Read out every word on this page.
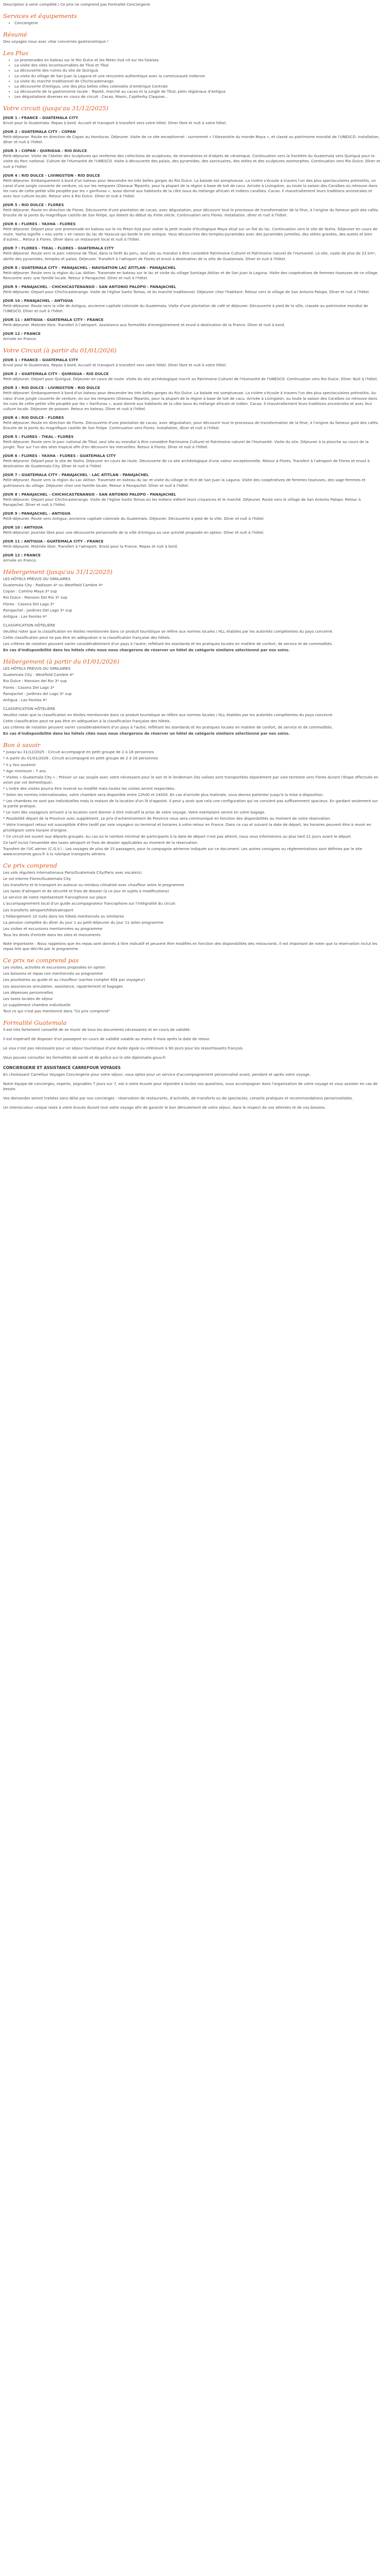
Description à venir complété / Ce prix ne comprend pas Formalité Conciergerie

Services et équipements
• Conciergerie
Résumé

Des voyages nous avec vitar concernés gastronomique !

Les Plus
• Le promenades en bateau sur le Rio Dulce et les Peten Itzá vit sur les falaises
• La visite des sites incontournables de Tikal et Tikal
• La découverte des ruines du site de Quiriguá
• La visite du village de San Juan la Laguna et une rencontre authentique avec la communauté indienne
• La visite du marché traditionnel de Chichicastenango
• La découverte d'Antigua, une des plus belles villes coloniales d'Amérique Centrale
• La découverte de la gastronomie locale : Tepoté, marché au cacao et la jungle de Tikal, plein régionaux d'Antigua
• Les dégustations diverses en cours de circuit : Cacao, Maxin, Cajolterky Claquise...
Votre circuit (jusqu'au 31/12/2025)

JOUR 1 : FRANCE - GUATEMALA CITY

Envol pour le Guatemala. Repas à bord. Accueil et transport à transfert vers votre hôtel. Diner libre et nuit à votre hôtel.

JOUR 2 : GUATEMALA CITY - COPAN

Petit-déjeuner. Route en direction de Copan au Honduras. Déjeuner. Visite de ce site exceptionnel : surnommé « l'Alexandrie du monde Maya », et classé au patrimoine mondial de l'UNESCO. Installation, dîner et nuit à l'hôtel.

JOUR 3 : COPAN - QUIRIGUA - RIO DULCE

Petit-déjeuner. Visite de l'Atelier des Sculptures qui renferme des collections de sculptures, de stromatoires et d'objets de céramique. Continuation vers la frontière du Guatemala vers Quiriguá pour la visite du Parc national. Culture de l'Humanité de l'UNESCO. Visite à découverte des palais, des pyramides, des sanctuaires, des stèles et des sculptures zoomorphes. Continuation vers Rio Dulce. Dîner et nuit à l'hôtel.

JOUR 4 : RIO DULCE - LIVINGSTON - RIO DULCE

Petit-déjeuner. Embarquement à bord d'un bateau pour descendre les très belles gorges du Rio Dulce. La balade est somptueuse. La rivière s'écoule à travers l'un des plus spectaculaires préinstitis, un canal d'une jungle couverte de verdure, où sur les rempares (Oiseaux Tépantis, pour la plupart de la région à base de toit de cacu. Arrivée à Livingston, au toute la saison des Caraïbes où retrouve dans les rues de cette petite ville peuplée par les « garifunas », aussi donné aux habitants de la côte issus du mélange africain et indiens caraïbes. Cacao. Il mauvtraitement leurs traditions ancestrales et avec leur culture locale. Retour vers à Rio Dulce. Dîner et nuit à l'hôtel.

JOUR 5 : RIO DULCE - FLORES

Petit-déjeuner. Route en direction de Flores. Découverte d'une plantation de cacao, avec dégustation, pour découvrir tout le processus de transformation de la fève, à l'origine du fameux goût des cafés. Ensuite de la ponts du magnifique castillo de San Felipe, qui datent du début du XVIIe siècle. Continuation vers Flores. Installation, dîner et nuit à l'hôtel.

JOUR 6 : FLORES - YAXHA - FLORES

Petit-déjeuner. Départ pour une promenade en bateau sur le rio Peten Itzá pour visiter la petit musée d'écologique Maya situé sur un îlot du lac. Continuation vers le site de Yaxha. Déjeuner en cours de route. Yaxha signifie « eau verte » en raison du lac de Yaxacuá qui borde le site antique. Vous découvrirez des temples-pyramides avec des pyramides jumelles, des stèles gravées, des autels et bien d'autres... Retour à Flores. Dîner dans un restaurant local et nuit à l'hôtel.

JOUR 7 : FLORES - TIKAL - FLORES - GUATEMALA CITY

Petit-déjeuner. Route vers le parc national de Tikal, dans la forêt du peru, seul site ou mondial à être considéré Patrimoine Culturel et Patrimoine naturel de l'Humanité. Le site, vaste de plus de 23 km², abrite des pyramides, temples et palais. Déjeuner. Transfert à l'aéroport de Flores et envol à destination de la ville de Guatemala. Dîner et nuit à l'hôtel.

JOUR 8 : GUATEMALA CITY - PANAJACHEL - NAVIGATION LAC ATITLAN - PANAJACHEL

Petit-déjeuner. Route vers la région du Lac Atitlan. Traversée en bateau sur le lac et visite du village Santiago Atitlan et de San Juan la Laguna. Visite des coopératives de femmes tisseuses de ce village. Rencontre avec une famille locale. Retour à Panajachel. Dîner et nuit à l'hôtel.

JOUR 9 : PANAJACHEL - CHICHICASTENANGO - SAN ANTONIO PALOPO - PANAJACHEL

Petit-déjeuner. Départ pour Chichicastenango. Visite de l'église Santo Tomas, et du marché traditionnel. Déjeuner chez l'habitant. Retour vers le village de San Antonio Palopo. Dîner et nuit à l'hôtel.

JOUR 10 : PANAJACHEL - ANTIGUA

Petit-déjeuner. Route vers la ville de Antigua, ancienne capitale coloniale du Guatemala. Visite d'une plantation de café et déjeuner. Découverte à pied de la ville, classée au patrimoine mondial de l'UNESCO. Dîner et nuit à l'hôtel.

JOUR 11 : ANTIGUA - GUATEMALA CITY - FRANCE

Petit-déjeuner. Matinée libre. Transfert à l'aéroport. Assistance aux formalités d'enregistrement et envol à destination de la France. Dîner et nuit à bord.

JOUR 12 : FRANCE

Arrivée en France.

Votre Circuit (à partir du 01/01/2026)

JOUR 1 : FRANCE - GUATEMALA CITY

Envol pour le Guatemala. Repas à bord. Accueil et transport à transfert vers votre hôtel. Dîner libre et nuit à votre hôtel.

JOUR 2 : GUATEMALA CITY - QUIRIGUA - RIO DULCE

Petit-déjeuner. Départ pour Quiriguá. Déjeuner en cours de route. Visite du site archéologique inscrit au Patrimoine Culturel de l'Humanité de l'UNESCO. Continuation vers Rio Dulce. Dîner. Nuit à l'hôtel.

JOUR 3 : RIO DULCE - LIVINGSTON - RIO DULCE

Petit-déjeuner. Embarquement à bord d'un bateau pour descendre les très belles gorges du Rio Dulce. La balade est somptueuse. La rivière s'écoule à travers l'un des plus spectaculaires préinstitis. Au cœur d'une jungle couverte de verdure, où sur les rempares (Oiseaux Tépantis, pour la plupart de la région à base de toit de cacu. Arrivée à Livingston, au toute la saison des Caraïbes où retrouve dans les rues de cette petite ville peuplée par les « Garifunas », aussi donné aux habitants de la côte issus du mélange africain et indien. Cacao. Il mauvtraitement leurs traditions ancestrales et avec leur culture locale. Déjeuner de poisson. Retour en bateau. Dîner et nuit à l'hôtel.

JOUR 4 : RIO DULCE - FLORES

Petit-déjeuner. Route en direction de Flores. Découverte d'une plantation de cacao, avec dégustation, pour découvrir tout le processus de transformation de la fève, à l'origine du fameux goût des cafés. Ensuite de la ponts du magnifique castillo de San Felipe. Continuation vers Flores. Installation, dîner et nuit à l'hôtel.

JOUR 5 : FLORES - TIKAL - FLORES

Petit-déjeuner. Route vers le parc national de Tikal, seul site au mondial à être considéré Patrimoine Culturel et Patrimoine naturel de l'Humanité. Visite du site. Déjeuner à la planche au cours de la jungle. Tour sur l'un des sites tropical afin d'en découvrir les merveilles. Retour à Flores. Dîner et nuit à l'hôtel.

JOUR 6 : FLORES - YAXHA - FLORES - GUATEMALA CITY

Petit-déjeuner. Départ pour le site de Yaxha. Déjeuner en cours de route. Découverte de ce site archéologique d'une valeur exceptionnelle. Retour à Flores. Transfert à l'aéroport de Flores et envol à destination de Guatemala City. Dîner et nuit à l'hôtel.

JOUR 7 : GUATEMALA CITY - PANAJACHEL - LAC ATITLAN - PANAJACHEL

Petit-déjeuner. Route vers la région du Lac Atitlan. Traversée en bateau du lac et visite du village le récit de San Juan la Laguna. Visite des coopératives de femmes tisseuses, des sage-femmes et guérisseurs du village. Déjeuner chez une famille locale. Retour à Panajachel. Dîner et nuit à l'hôtel.

JOUR 8 : PANAJACHEL - CHICHICASTENANGO - SAN ANTONIO PALOPO - PANAJACHEL

Petit-déjeuner. Départ pour Chichicastenango. Visite de l'église Santo Tomas où les Indiens mêlent leurs croyances et le marché. Déjeuner. Route vers le village de San Antonio Palopo. Retour à Panajachel. Dîner et nuit à l'hôtel.

JOUR 9 : PANAJACHEL - ANTIGUA

Petit-déjeuner. Route vers Antigua, ancienne capitale coloniale du Guatemala. Déjeuner. Découverte à pied de la ville. Dîner et nuit à l'hôtel.

JOUR 10 : ANTIGUA

Petit-déjeuner. Journée libre pour une découverte personnelle de la ville d'Antigua ou une activité proposée en option. Dîner et nuit à l'hôtel.

JOUR 11 : ANTIGUA - GUATEMALA CITY - FRANCE

Petit-déjeuner. Matinée libre. Transfert à l'aéroport. Envol pour la France. Repas et nuit à bord.

JOUR 12 : FRANCE

Arrivée en France.

Hébergement (jusqu'au 31/12/2025)

LES HÔTELS PRÉVUS OU SIMILAIRES

Guatemala City : Radisson 4* ou Westfield Cambre 4*

Copan : Camino Maya 3* sup

Rio Dulce : Mansion Del Rio 3* sup

Flores : Casona Del Lago 3*

Panajachel : Jardines Del Lago 3* sup

Antigua : Las Farolas 4*

CLASSIFICATION HÔTELIÈRE

Veuillez noter que la classification en étoiles mentionnée dans ce produit touristique se réfère aux normes locales / HLL établies par les autorités compétentes du pays concerné.

Cette classification peut ne pas être en adéquation à la classification française des hôtels.

Les critères de notation peuvent varier considérablement d'un pays à l'autre, reflétant les standards et les pratiques locales en matière de confort, de service et de commodités.

En cas d'indisponibilité dans les hôtels cités nous nous chargerons de réserver un hôtel de catégorie similaire sélectionné par nos soins.

Hébergement (à partir du 01/01/2026)

LES HÔTELS PRÉVUS OU SIMILAIRES

Guatemala City : Westfield Cambre 4*

Rio Dulce : Mansion del Rio 3* sup

Flores : Casona Del Lago 3*

Panajachel : Jardines del Lago 3* sup

Antigua : Las Farolas 4*

CLASSIFICATION HÔTELIÈRE

Veuillez noter que la classification en étoiles mentionnée dans ce produit touristique se réfère aux normes locales / HLL établies par les autorités compétentes du pays concerné.

Cette classification peut ne pas être en adéquation à la classification française des hôtels.

Les critères de notation peuvent varier considérablement d'un pays à l'autre, reflétant les standards et les pratiques locales en matière de confort, de service et de commodités.

En cas d'indisponibilité dans les hôtels cités nous nous chargerons de réserver un hôtel de catégorie similaire sélectionné par nos soins.

Bon à savoir

* Jusqu'au 31/12/2025 : Circuit accompagné en petit groupe de 2 à 18 personnes

* A partir du 01/01/2026 : Circuit accompagné en petit groupe de 2 à 16 personnes

* Il y lieu soutenir

* Age minimum : 7 ans

* Visites « Guatemala City » : Prévoir un sac souple avec votre nécessaire pour le soir et le lendemain (les valises sont transportées séparément par voie terrestre vers Flores durant l'étape effectuée en avion par vol domestique).

* L'ordre des visites pourra être inversé ou modifié mais toutes les visites seront respectées.

* Selon les normes internationales, votre chambre sera disponible entre 12h00 et 14h00. En cas d'arrivée plus matinale, vous devrez patienter jusqu'à la mise à disposition.

* Les chambres ne sont pas individuelles mais la maison de la location d'un lit d'appoint. Il peut y avoir que cela une configuration qui ne convient pas suffisamment spacieux. En gardant seulement sur la partie pratique.

* Le nom des voyageurs arrivant à la location vont donner à titre indicatif la prise de votre voyage. Votre exemplaire seront en votre bagage.

* Possibilité départ de la Province avec supplément. Le prix d'acheminement de Province vous sera communiqué en fonction des disponibilités au moment de votre réservation.

* Votre transport retour est susceptible d'être tardif par voie voyageur ou terminal et horaires à votre retour en France. Dans ce cas et suivant la date de départ, les horaires peuvent être à revoir en privilégiant votre horaire d'origine.

* Ce circuit est ouvert aux départs groupés. Au cas où le nombre minimal de participants à la date de départ n'est pas atteint, nous vous informerons au plus tard 21 jours avant le départ.

Ce tarif inclut l'ensemble des taxes aéroport et frais de dossier applicables au moment de la réservation.

Transfert de l'UC aérien (C.G.V.) : Les voyages de plus de 15 passagers, pour la compagnie aérienne indiquée sur ce document. Les autres consignes ou réglementations sont définies par le site www.economie.gouv.fr à la rubrique transports aériens.

Ce prix comprend

Les vols réguliers internationaux Paris/Guatemala City/Paris avec escale(s)

Le vol interne Flores/Guatemala City

Les transferts et le transport en autocar ou minibus climatisé avec chauffeur selon le programme

Les taxes d'aéroport et de sécurité et frais de dossier (à ce jour et sujets à modifications)

Le service de notre représentant francophone sur place

L'accompagnement local d'un guide accompagnateur francophone sur l'intégralité du circuit

Les transferts aéroport/hôtel/aéroport

L'hébergement 10 nuits dans les hôtels mentionnés ou similaires

La pension complète du dîner du jour 1 au petit-déjeuner du jour 11 selon programme

Les visites et excursions mentionnées au programme

Tous les droits d'entrée dans les sites et monuments

Note importante : Nous rappelons que les repas sont donnés à titre indicatif et peuvent être modifiés en fonction des disponibilités des restaurants. Il est important de noter que la réservation inclut les repas tels que décrits par le programme.

Ce prix ne comprend pas

Les visites, activités et excursions proposées en option

Les boissons et repas non mentionnés au programme

Les pourboires au guide et au chauffeur (sachez compter 60$ par voyageur)

Les assurances annulation, assistance, rapatriement et bagages

Les dépenses personnelles

Les taxes locales de séjour

Le supplément chambre individuelle

Tout ce qui n'est pas mentionné dans "Ce prix comprend"

Formalité Guatemala

Il est très fortement conseillé de se munir de tous les documents nécessaires et en cours de validité.

Il est impératif de disposer d'un passeport en cours de validité valable au moins 6 mois après la date de retour.

Le visa n'est pas nécessaire pour un séjour touristique d'une durée égale ou inférieure à 90 jours pour les ressortissants français.

Vous pouvez consulter les formalités de santé et de police sur le site diplomatie.gouv.fr.

CONCIERGERIE ET ASSISTANCE CARREFOUR VOYAGES

En choisissant Carrefour Voyages Conciergerie pour votre séjour, vous optez pour un service d'accompagnement personnalisé avant, pendant et après votre voyage.

Notre équipe de concierges, experts, joignables 7 jours sur 7, est à votre écoute pour répondre à toutes vos questions, vous accompagner dans l'organisation de votre voyage et vous assister en cas de besoin.

Vos demandes seront traitées sans délai par nos concierges : réservation de restaurants, d'activités, de transferts ou de spectacles, conseils pratiques et recommandations personnalisées.

Un interlocuteur unique reste à votre écoute durant tout votre voyage afin de garantir le bon déroulement de votre séjour, dans le respect de vos attentes et de vos besoins.
